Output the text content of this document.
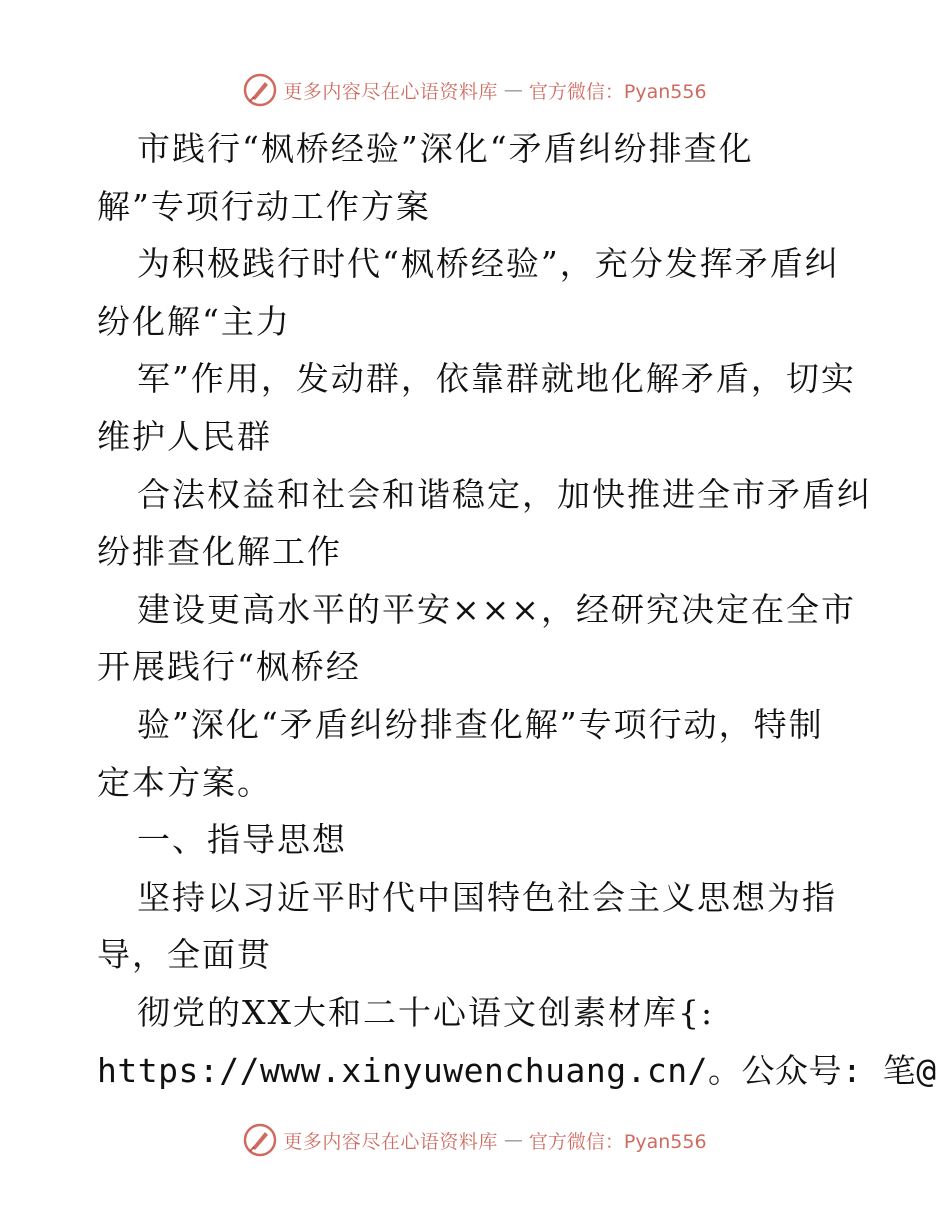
更多内容尽在心语资料库 — 官方微信：Pyan556

市践行“枫桥经验”深化“矛盾纠纷排查化

解”专项行动工作方案

为积极践行时代“枫桥经验”，充分发挥矛盾纠

纷化解“主力

军”作用，发动群，依靠群就地化解矛盾，切实

维护人民群

合法权益和社会和谐稳定，加快推进全市矛盾纠

纷排查化解工作

建设更高水平的平安×××，经研究决定在全市

开展践行“枫桥经

验”深化“矛盾纠纷排查化解”专项行动，特制

定本方案。

一、指导思想

坚持以习近平时代中国特色社会主义思想为指

导，全面贯

彻党的XX大和二十心语文创素材库{:

https://www.xinyuwenchuang.cn/。公众号: 笔@

更多内容尽在心语资料库 — 官方微信：Pyan556
